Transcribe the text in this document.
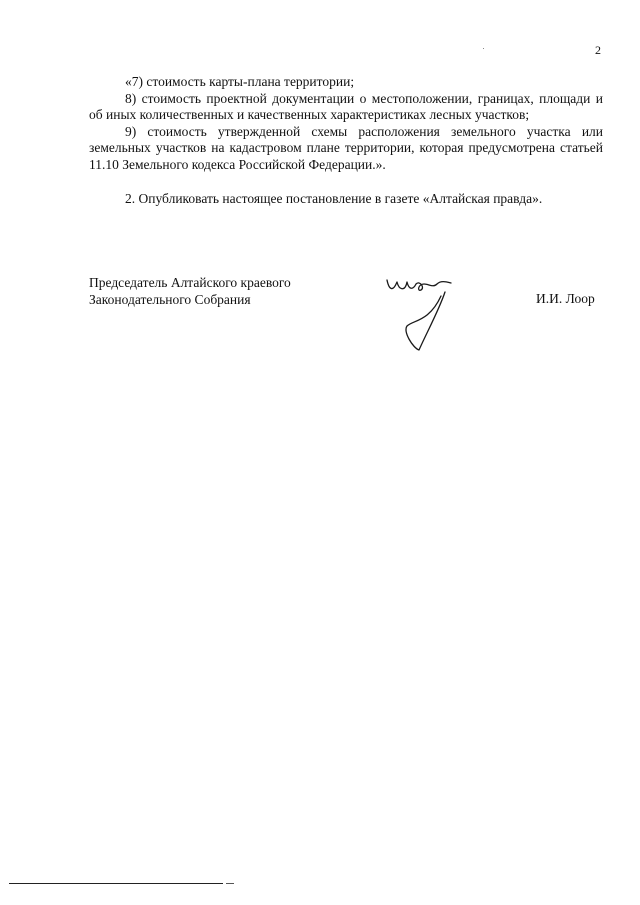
2

«7) стоимость карты-плана территории;

8) стоимость проектной документации о местоположении, границах, площади и об иных количественных и качественных характеристиках лесных участков;

9) стоимость утвержденной схемы расположения земельного участка или земельных участков на кадастровом плане территории, которая предусмотрена статьей 11.10 Земельного кодекса Российской Федерации.».

2. Опубликовать настоящее постановление в газете «Алтайская правда».

Председатель Алтайского краевого
Законодательного Собрания	И.И. Лоор
